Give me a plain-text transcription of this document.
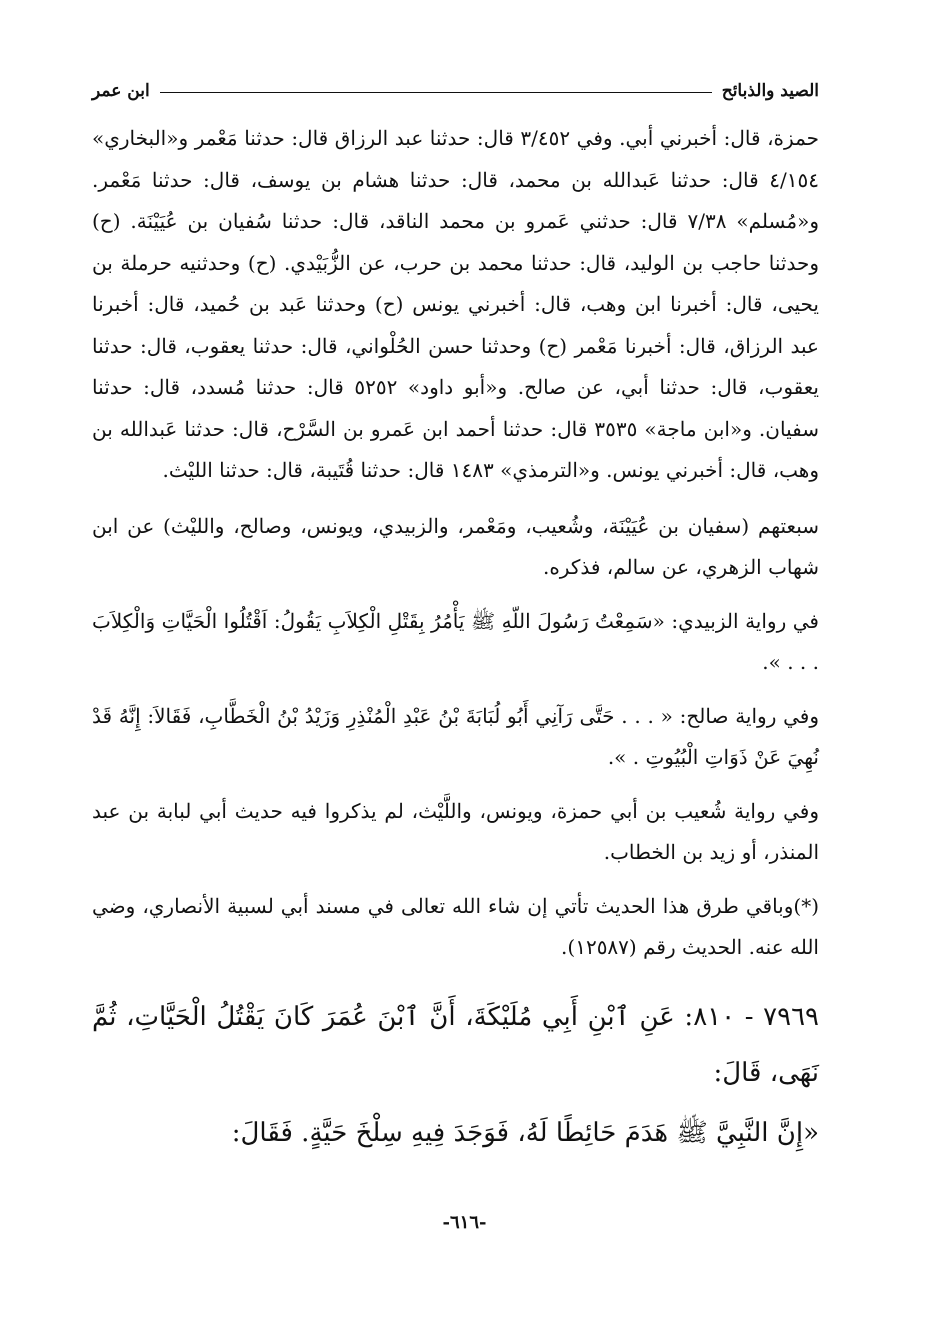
الصيد والذبائح
ابن عمر

حمزة، قال: أخبرني أبي. وفي ٣/٤٥٢ قال: حدثنا عبد الرزاق قال: حدثنا مَعْمر و«البخاري» ٤/١٥٤ قال: حدثنا عَبدالله بن محمد، قال: حدثنا هشام بن يوسف، قال: حدثنا مَعْمر. و«مُسلم» ٧/٣٨ قال: حدثني عَمرو بن محمد الناقد، قال: حدثنا سُفيان بن عُيَيْنَة. (ح) وحدثنا حاجب بن الوليد، قال: حدثنا محمد بن حرب، عن الزُّبَيْدي. (ح) وحدثنيه حرملة بن يحيى، قال: أخبرنا ابن وهب، قال: أخبرني يونس (ح) وحدثنا عَبد بن حُميد، قال: أخبرنا عبد الرزاق، قال: أخبرنا مَعْمر (ح) وحدثنا حسن الحُلْواني، قال: حدثنا يعقوب، قال: حدثنا يعقوب، قال: حدثنا أبي، عن صالح. و«أبو داود» ٥٢٥٢ قال: حدثنا مُسدد، قال: حدثنا سفيان. و«ابن ماجة» ٣٥٣٥ قال: حدثنا أحمد ابن عَمرو بن السَّرْح، قال: حدثنا عَبدالله بن وهب، قال: أخبرني يونس. و«الترمذي» ١٤٨٣ قال: حدثنا قُتَيبة، قال: حدثنا الليْث.

سبعتهم (سفيان بن عُيَيْنَة، وشُعيب، ومَعْمر، والزبيدي، ويونس، وصالح، والليْث) عن ابن شهاب الزهري، عن سالم، فذكره.

في رواية الزبيدي: «سَمِعْتُ رَسُولَ اللّهِ ﷺ يَأْمُرُ بِقَتْلِ الْكِلاَبِ يَقُولُ: اَقْتُلُوا الْحَيَّاتِ وَالْكِلاَبَ . . . ».

وفي رواية صالح: « . . . حَتَّى رَآنِي أَبُو لُبَابَةَ بْنُ عَبْدِ الْمُنْذِرِ وَزَيْدُ بْنُ الْخَطَّابِ، فَقَالاَ: إِنَّهُ قَدْ نُهِيَ عَنْ ذَوَاتِ الْبُيُوتِ . ».

وفي رواية شُعيب بن أبي حمزة، ويونس، واللَّيْث، لم يذكروا فيه حديث أبي لبابة بن عبد المنذر، أو زيد بن الخطاب.

(*)وباقي طرق هذا الحديث تأتي إن شاء الله تعالى في مسند أبي لسبية الأنصاري، وضي الله عنه. الحديث رقم (١٢٥٨٧).

٧٩٦٩ - ٨١٠: عَنِ ٱبْنِ أَبِي مُلَيْكَةَ، أَنَّ ٱبْنَ عُمَرَ كَانَ يَقْتُلُ الْحَيَّاتِ، ثُمَّ نَهَى، قَالَ:

«إِنَّ النَّبِيَّ ﷺ هَدَمَ حَائِطًا لَهُ، فَوَجَدَ فِيهِ سِلْخَ حَيَّةٍ. فَقَالَ:

-٦١٦-
